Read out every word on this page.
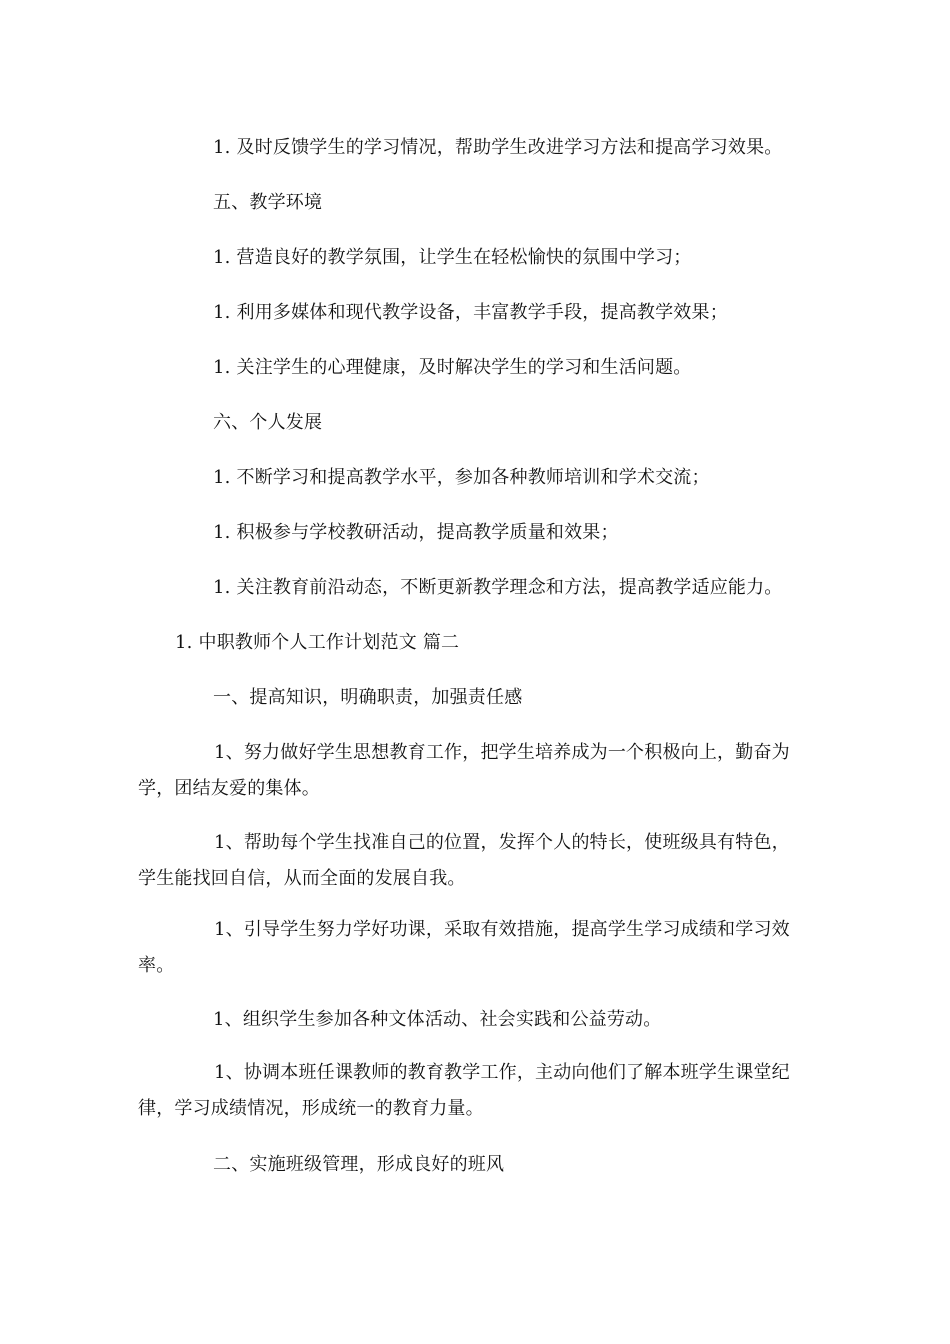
1. 及时反馈学生的学习情况，帮助学生改进学习方法和提高学习效果。
五、教学环境
1. 营造良好的教学氛围，让学生在轻松愉快的氛围中学习；
1. 利用多媒体和现代教学设备，丰富教学手段，提高教学效果；
1. 关注学生的心理健康，及时解决学生的学习和生活问题。
六、个人发展
1. 不断学习和提高教学水平，参加各种教师培训和学术交流；
1. 积极参与学校教研活动，提高教学质量和效果；
1. 关注教育前沿动态，不断更新教学理念和方法，提高教学适应能力。
1. 中职教师个人工作计划范文 篇二
一、提高知识，明确职责，加强责任感
1、努力做好学生思想教育工作，把学生培养成为一个积极向上，勤奋为学，团结友爱的集体。
1、帮助每个学生找准自己的位置，发挥个人的特长，使班级具有特色，学生能找回自信，从而全面的发展自我。
1、引导学生努力学好功课，采取有效措施，提高学生学习成绩和学习效率。
1、组织学生参加各种文体活动、社会实践和公益劳动。
1、协调本班任课教师的教育教学工作，主动向他们了解本班学生课堂纪律，学习成绩情况，形成统一的教育力量。
二、实施班级管理，形成良好的班风
